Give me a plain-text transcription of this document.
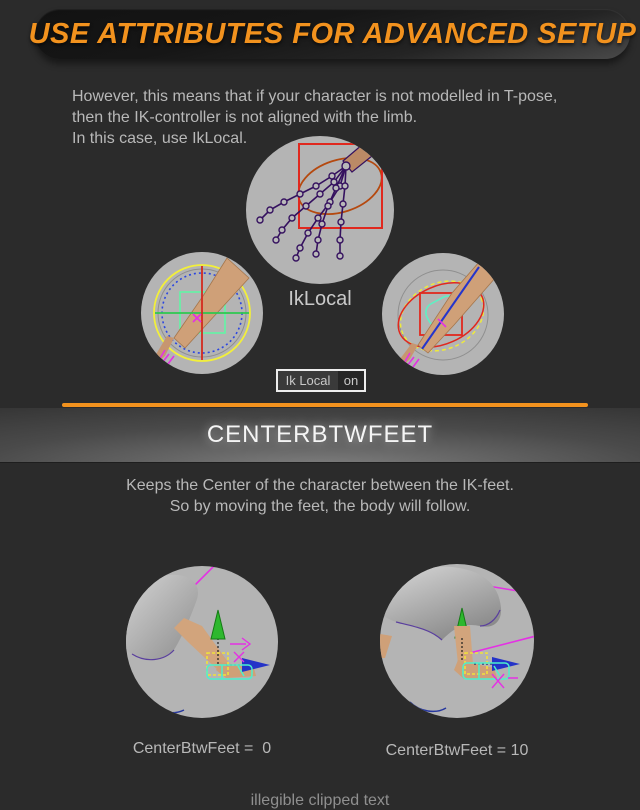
USE ATTRIBUTES FOR ADVANCED SETUP
However, this means that if your character is not modelled in T-pose,
then the IK-controller is not aligned with the limb.
In this case, use IkLocal.
IkLocal
Ik Local	on
CENTERBTWFEET
Keeps the Center of the character between the IK-feet.
So by moving the feet, the body will follow.
CenterBtwFeet =  0	CenterBtwFeet = 10
illegible clipped text
